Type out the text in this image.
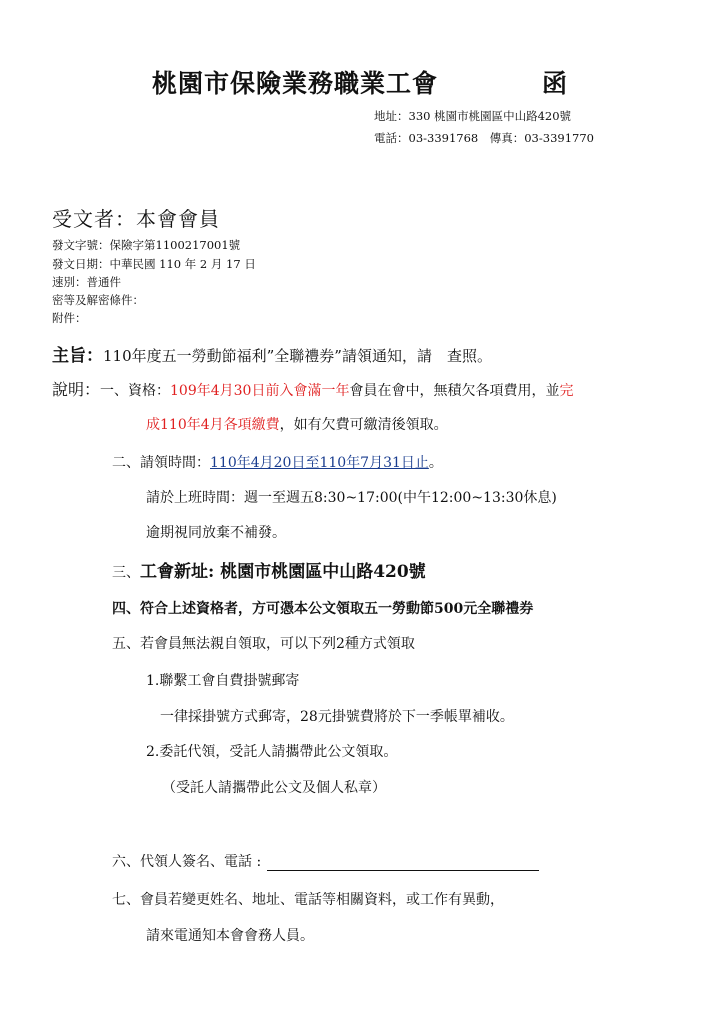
桃園市保險業務職業工會	函
地址：330 桃園市桃園區中山路420號
電話：03-3391768　傳真：03-3391770
受文者：本會會員
發文字號：保險字第1100217001號
發文日期：中華民國 110 年 2 月 17 日
速別：普通件
密等及解密條件：
附件：
主旨：110年度五一勞動節福利”全聯禮券”請領通知，請　查照。
說明：一、資格：109年4月30日前入會滿一年會員在會中，無積欠各項費用，並完
成110年4月各項繳費，如有欠費可繳清後領取。
二、請領時間：110年4月20日至110年7月31日止。
請於上班時間：週一至週五8:30~17:00(中午12:00~13:30休息)
逾期視同放棄不補發。
三、工會新址: 桃園市桃園區中山路420號
四、符合上述資格者，方可憑本公文領取五一勞動節500元全聯禮券
五、若會員無法親自領取，可以下列2種方式領取
1.聯繫工會自費掛號郵寄
一律採掛號方式郵寄，28元掛號費將於下一季帳單補收。
2.委託代領，受託人請攜帶此公文領取。
（受託人請攜帶此公文及個人私章）
六、代領人簽名、電話 :
七、會員若變更姓名、地址、電話等相關資料，或工作有異動，
請來電通知本會會務人員。
